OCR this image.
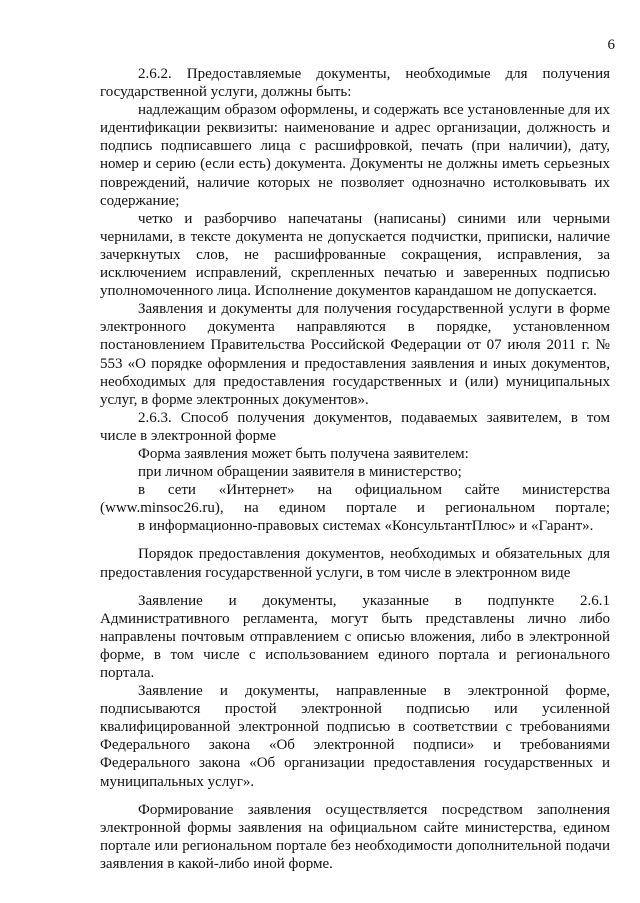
6

2.6.2. Предоставляемые документы, необходимые для получения государственной услуги, должны быть:

надлежащим образом оформлены, и содержать все установленные для их идентификации реквизиты: наименование и адрес организации, должность и подпись подписавшего лица с расшифровкой, печать (при наличии), дату, номер и серию (если есть) документа. Документы не должны иметь серьезных повреждений, наличие которых не позволяет однозначно истолковывать их содержание;

четко и разборчиво напечатаны (написаны) синими или черными чернилами, в тексте документа не допускается подчистки, приписки, наличие зачеркнутых слов, не расшифрованные сокращения, исправления, за исключением исправлений, скрепленных печатью и заверенных подписью уполномоченного лица. Исполнение документов карандашом не допускается.

Заявления и документы для получения государственной услуги в форме электронного документа направляются в порядке, установленном постановлением Правительства Российской Федерации от 07 июля 2011 г. № 553 «О порядке оформления и предоставления заявления и иных документов, необходимых для предоставления государственных и (или) муниципальных услуг, в форме электронных документов».

2.6.3. Способ получения документов, подаваемых заявителем, в том числе в электронной форме

Форма заявления может быть получена заявителем:

при личном обращении заявителя в министерство;

в сети «Интернет» на официальном сайте министерства (www.minsoc26.ru), на едином портале и региональном портале;

в информационно-правовых системах «КонсультантПлюс» и «Гарант».

Порядок предоставления документов, необходимых и обязательных для предоставления государственной услуги, в том числе в электронном виде

Заявление и документы, указанные в подпункте 2.6.1 Административного регламента, могут быть представлены лично либо направлены почтовым отправлением с описью вложения, либо в электронной форме, в том числе с использованием единого портала и регионального портала.

Заявление и документы, направленные в электронной форме, подписываются простой электронной подписью или усиленной квалифицированной электронной подписью в соответствии с требованиями Федерального закона «Об электронной подписи» и требованиями Федерального закона «Об организации предоставления государственных и муниципальных услуг».

Формирование заявления осуществляется посредством заполнения электронной формы заявления на официальном сайте министерства, едином портале или региональном портале без необходимости дополнительной подачи заявления в какой-либо иной форме.
